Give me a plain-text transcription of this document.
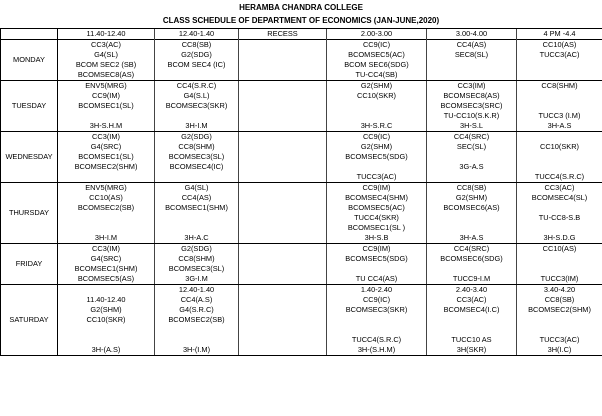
HERAMBA CHANDRA COLLEGE
CLASS SCHEDULE OF DEPARTMENT OF ECONOMICS (JAN-JUNE,2020)
	11.40-12.40	12.40-1.40	RECESS	2.00-3.00	3.00-4.00	4 PM -4.4
MONDAY	CC3(AC)	CC8(SB)		CC9(IC)	CC4(AS)	CC10(AS)
	G4(SL)	G2(SDG)		BCOMSEC5(AC)	SEC8(SL)	TUCC3(AC)
	BCOM SEC2 (SB)	BCOM SEC4 (IC)		BCOM SEC6(SDG)		
	BCOMSEC8(AS)			TU-CC4(SB)		
TUESDAY	ENV5(MRG)	CC4(S.R.C)		G2(SHM)	CC3(IM)	CC8(SHM)
	CC9(IM)	G4(S.L)		CC10(SKR)	BCOMSEC8(AS)	
	BCOMSEC1(SL)	BCOMSEC3(SKR)			BCOMSEC3(SRC)	
					TU-CC10(S.K.R)	TUCC3 (I.M)
	3H-S.H.M	3H-I.M		3H-S.R.C	3H-S.L	3H-A.S
WEDNESDAY	CC3(IM)	G2(SDG)		CC9(IC)	CC4(SRC)	
	G4(SRC)	CC8(SHM)		G2(SHM)	SEC(SL)	CC10(SKR)
	BCOMSEC1(SL)	BCOMSEC3(SL)		BCOMSEC5(SDG)		
	BCOMSEC2(SHM)	BCOMSEC4(IC)			3G-A.S	
				TUCC3(AC)		TUCC4(S.R.C)
THURSDAY	ENV5(MRG)	G4(SL)		CC9(IM)	CC8(SB)	CC3(AC)
	CC10(AS)	CC4(AS)		BCOMSEC4(SHM)	G2(SHM)	BCOMSEC4(SL)
	BCOMSEC2(SB)	BCOMSEC1(SHM)		BCOMSEC5(AC)	BCOMSEC6(AS)	
				TUCC4(SKR)		TU-CC8-S.B
				BCOMSEC1(SL )		
	3H-I.M	3H-A.C		3H-S.B	3H-A.S	3H-S.D.G
FRIDAY	CC3(IM)	G2(SDG)		CC9(IM)	CC4(SRC)	CC10(AS)
	G4(SRC)	CC8(SHM)		BCOMSEC5(SDG)	BCOMSEC6(SDG)	
	BCOMSEC1(SHM)	BCOMSEC3(SL)				
	BCOMSEC5(AS)	3G-I.M		TU CC4(AS)	TUCC9-I.M	TUCC3(IM)
SATURDAY		12.40-1.40		1.40-2.40	2.40-3.40	3.40-4.20
	11.40-12.40	CC4(A.S)		CC9(IC)	CC3(AC)	CC8(SB)
	G2(SHM)	G4(S.R.C)		BCOMSEC3(SKR)	BCOMSEC4(I.C)	BCOMSEC2(SHM)
	CC10(SKR)	BCOMSEC2(SB)				

				TUCC4(S.R.C)	TUCC10 AS	TUCC3(AC)
	3H-(A.S)	3H-(I.M)		3H-(S.H.M)	3H(SKR)	3H(I.C)
